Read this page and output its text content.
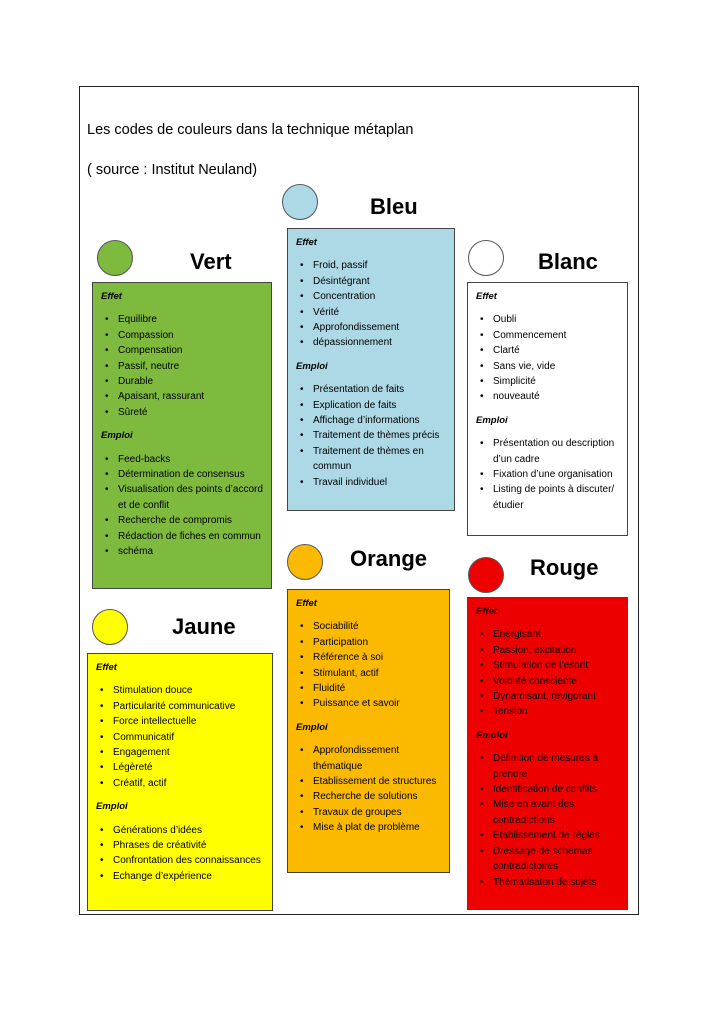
Les codes de couleurs dans la technique métaplan
( source : Institut Neuland)
Bleu
Effet
• Froid, passif
• Désintégrant
• Concentration
• Vérité
• Approfondissement
• dépassionnement
Emploi
• Présentation de faits
• Explication de faits
• Affichage d’informations
• Traitement de thèmes précis
• Traitement de thèmes en commun
• Travail individuel
Vert
Effet
• Equilibre
• Compassion
• Compensation
• Passif, neutre
• Durable
• Apaisant, rassurant
• Sûreté
Emploi
• Feed-backs
• Détermination de consensus
• Visualisation des points d’accord et de conflit
• Recherche de compromis
• Rédaction de fiches en commun
• schéma
Blanc
Effet
• Oubli
• Commencement
• Clarté
• Sans vie, vide
• Simplicité
• nouveauté
Emploi
• Présentation ou description d’un cadre
• Fixation d’une organisation
• Listing de points à discuter/étudier
Orange
Effet
• Sociabilité
• Participation
• Référence à soi
• Stimulant, actif
• Fluidité
• Puissance et savoir
Emploi
• Approfondissement thématique
• Etablissement de structures
• Recherche de solutions
• Travaux de groupes
• Mise à plat de problème
Jaune
Effet
• Stimulation douce
• Particularité communicative
• Force intellectuelle
• Communicatif
• Engagement
• Légèreté
• Créatif, actif
Emploi
• Générations d’idées
• Phrases de créativité
• Confrontation des connaissances
• Echange d’expérience
Rouge
Effet
• Energisant
• Passion, excitation
• Stimulation de l’esprit
• Volonté consciente
• Dynamisant, revigorant
• Tension
Emploi
• Définition de mesures à prendre
• Identification de conflits
• Mise en avant des contradictions
• Etablissement de règles
• Dressage de schémas contradictoires
• Thématisaton de sujets
